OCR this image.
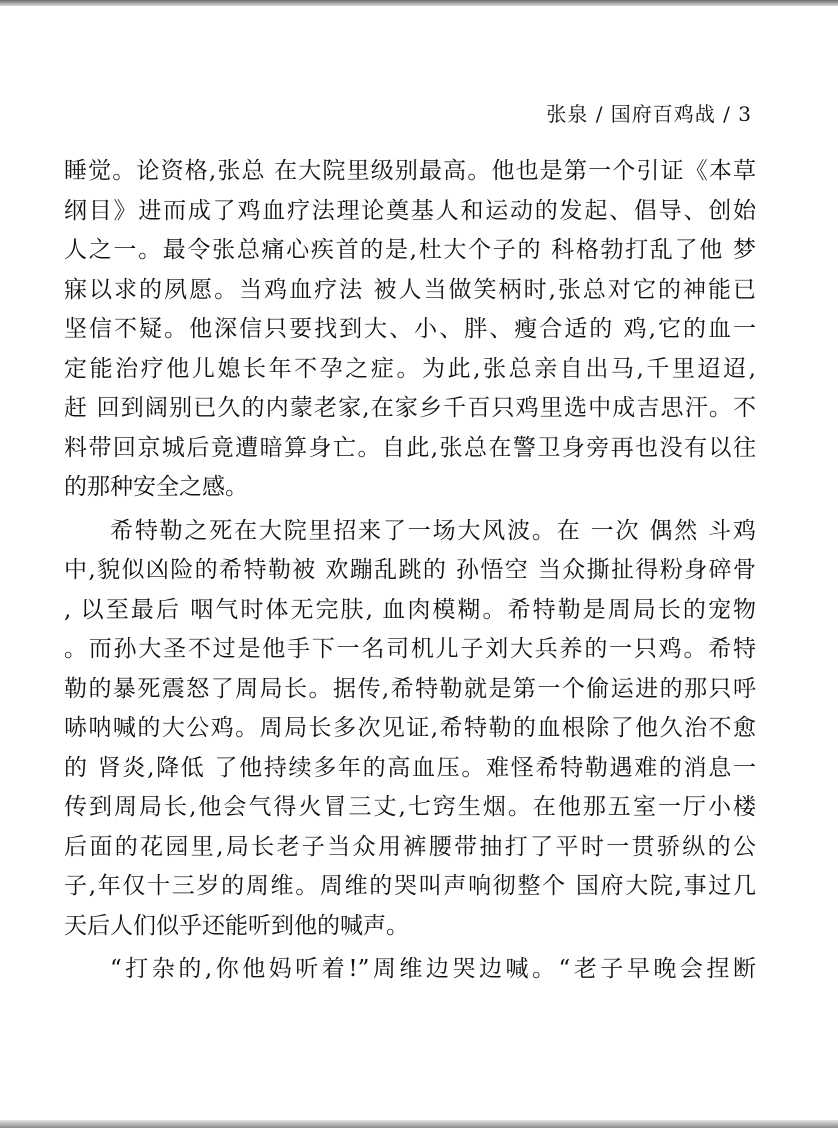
张泉 / 国府百鸡战 / 3
睡觉。论资格,张总 在大院里级别最高。他也是第一个引证《本草
纲目》进而成了鸡血疗法理论奠基人和运动的发起、倡导、创始
人之一。最令张总痛心疾首的是,杜大个子的 科格勃打乱了他 梦
寐以求的夙愿。当鸡血疗法 被人当做笑柄时,张总对它的神能已
坚信不疑。他深信只要找到大、小、胖、瘦合适的 鸡,它的血一
定能治疗他儿媳长年不孕之症。为此,张总亲自出马,千里迢迢,
赶 回到阔别已久的内蒙老家,在家乡千百只鸡里选中成吉思汗。不
料带回京城后竟遭暗算身亡。自此,张总在警卫身旁再也没有以往
的那种安全之感。
希特勒之死在大院里招来了一场大风波。在 一次 偶然 斗鸡
中,貌似凶险的希特勒被 欢蹦乱跳的 孙悟空 当众撕扯得粉身碎骨
, 以至最后 咽气时体无完肤, 血肉模糊。希特勒是周局长的宠物
。而孙大圣不过是他手下一名司机儿子刘大兵养的一只鸡。希特
勒的暴死震怒了周局长。据传,希特勒就是第一个偷运进的那只呼
哧呐喊的大公鸡。周局长多次见证,希特勒的血根除了他久治不愈
的 肾炎,降低 了他持续多年的高血压。难怪希特勒遇难的消息一
传到周局长,他会气得火冒三丈,七窍生烟。在他那五室一厅小楼
后面的花园里,局长老子当众用裤腰带抽打了平时一贯骄纵的公
子,年仅十三岁的周维。周维的哭叫声响彻整个 国府大院,事过几
天后人们似乎还能听到他的喊声。
“打杂的,你他妈听着!”周维边哭边喊。“老子早晚会捏断
